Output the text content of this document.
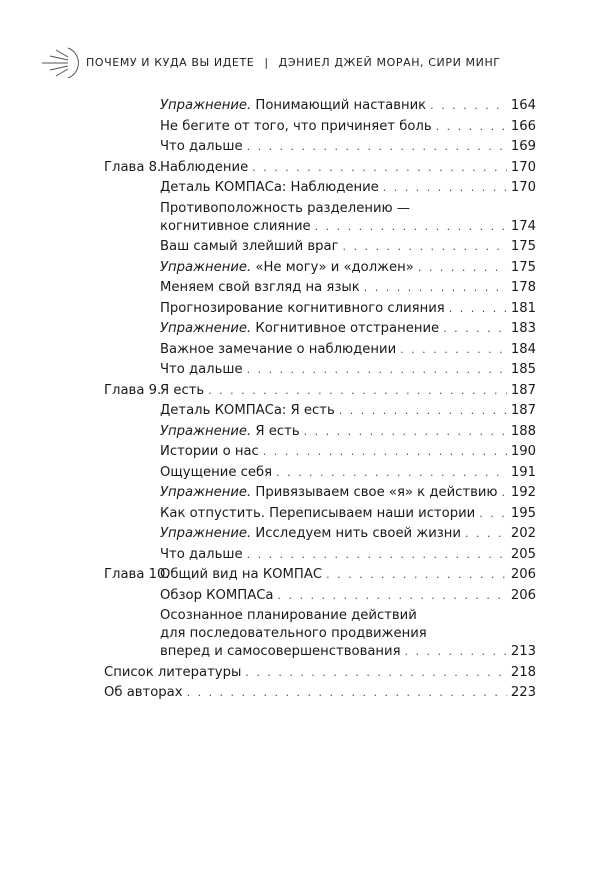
ПОЧЕМУ И КУДА ВЫ ИДЕТЕ | ДЭНИЕЛ ДЖЕЙ МОРАН, СИРИ МИНГ
Упражнение. Понимающий наставник . . .	164
Не бегите от того, что причиняет боль . . .	166
Что дальше . . .	169
Глава 8.Наблюдение . . .	170
Деталь КОМПАСа: Наблюдение . . .	170
Противоположность разделению —
когнитивное слияние . . .	174
Ваш самый злейший враг . . .	175
Упражнение. «Не могу» и «должен» . . .	175
Меняем свой взгляд на язык . . .	178
Прогнозирование когнитивного слияния . . .	181
Упражнение. Когнитивное отстранение . . .	183
Важное замечание о наблюдении . . .	184
Что дальше . . .	185
Глава 9.Я есть . . .	187
Деталь КОМПАСа: Я есть . . .	187
Упражнение. Я есть . . .	188
Истории о нас . . .	190
Ощущение себя . . .	191
Упражнение. Привязываем свое «я» к действию . . . 192
Как отпустить. Переписываем наши истории . . .	195
Упражнение. Исследуем нить своей жизни . . .	202
Что дальше . . .	205
Глава 10.Общий вид на КОМПАС . . .	206
Обзор КОМПАСа . . .	206
Осознанное планирование действий
для последовательного продвижения
вперед и самосовершенствования . . .	213
Список литературы . . .	218
Об авторах . . .	223
